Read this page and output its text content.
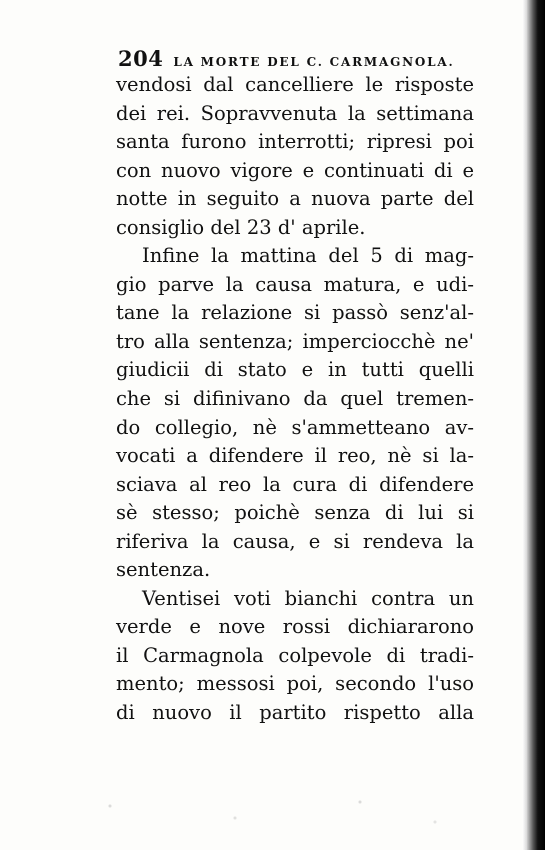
204 LA MORTE DEL C. CARMAGNOLA.
vendosi dal cancelliere le risposte
dei rei. Sopravvenuta la settimana
santa furono interrotti; ripresi poi
con nuovo vigore e continuati di e
notte in seguito a nuova parte del
consiglio del 23 d' aprile.
Infine la mattina del 5 di mag-
gio parve la causa matura, e udi-
tane la relazione si passò senz'al-
tro alla sentenza; imperciocchè ne'
giudicii di stato e in tutti quelli
che si difinivano da quel tremen-
do collegio, nè s'ammetteano av-
vocati a difendere il reo, nè si la-
sciava al reo la cura di difendere
sè stesso; poichè senza di lui si
riferiva la causa, e si rendeva la
sentenza.
Ventisei voti bianchi contra un
verde e nove rossi dichiararono
il Carmagnola colpevole di tradi-
mento; messosi poi, secondo l'uso
di nuovo il partito rispetto alla
